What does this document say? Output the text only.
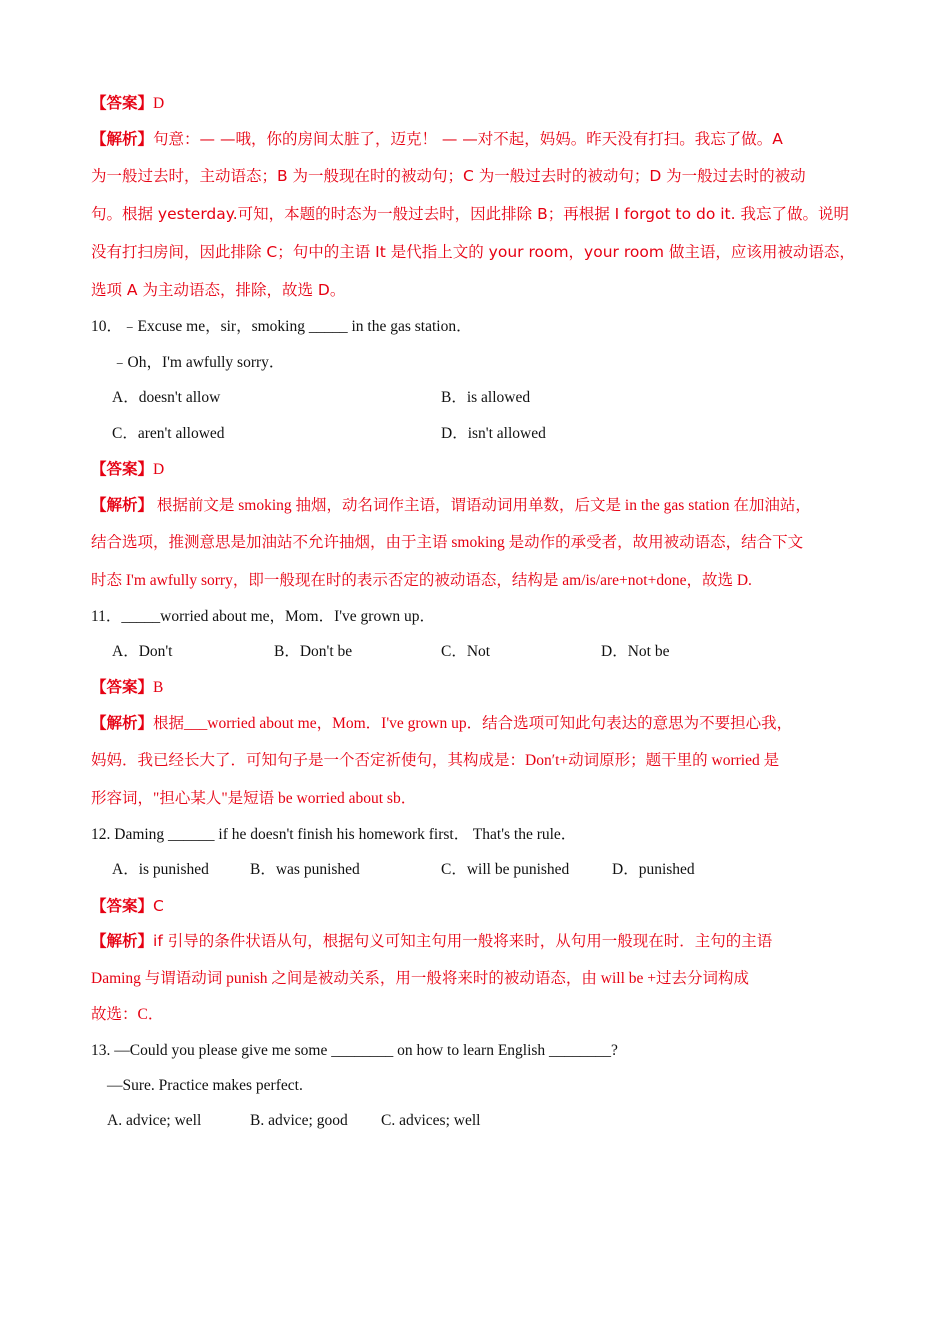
【答案】D
【解析】句意：— —哦，你的房间太脏了，迈克！ — —对不起，妈妈。昨天没有打扫。我忘了做。A
为一般过去时，主动语态；B 为一般现在时的被动句；C 为一般过去时的被动句；D 为一般过去时的被动
句。根据 yesterday.可知，本题的时态为一般过去时，因此排除 B；再根据 I forgot to do it. 我忘了做。说明
没有打扫房间，因此排除 C；句中的主语 It 是代指上文的 your room，your room 做主语，应该用被动语态，
选项 A 为主动语态，排除，故选 D。
10．﹣Excuse me，sir，smoking _____ in the gas station．
﹣Oh，I'm awfully sorry．
A．doesn't allow	B．is allowed
C．aren't allowed	D．isn't allowed
【答案】D
【解析】 根据前文是 smoking 抽烟，动名词作主语，谓语动词用单数，后文是 in the gas station 在加油站，
结合选项，推测意思是加油站不允许抽烟，由于主语 smoking 是动作的承受者，故用被动语态，结合下文
时态 I'm awfully sorry，即一般现在时的表示否定的被动语态，结构是 am/is/are+not+done，故选 D.
11．_____worried about me，Mom．I've grown up．
A．Don't	B．Don't be	C．Not	D．Not be
【答案】B
【解析】根据___worried about me，Mom．I've grown up．结合选项可知此句表达的意思为不要担心我，
妈妈．我已经长大了．可知句子是一个否定祈使句，其构成是：Don′t+动词原形；题干里的 worried 是
形容词，"担心某人"是短语 be worried about sb．
12. Daming ______ if he doesn't finish his homework first． That's the rule．
A．is punished	B．was punished	C．will be punished	D．punished
【答案】C
【解析】if 引导的条件状语从句，根据句义可知主句用一般将来时，从句用一般现在时．主句的主语
Daming 与谓语动词 punish 之间是被动关系，用一般将来时的被动语态，由 will be +过去分词构成
故选：C．
13. —Could you please give me some ________ on how to learn English ________?
—Sure. Practice makes perfect.
A. advice; well	B. advice; good C. advices; well
